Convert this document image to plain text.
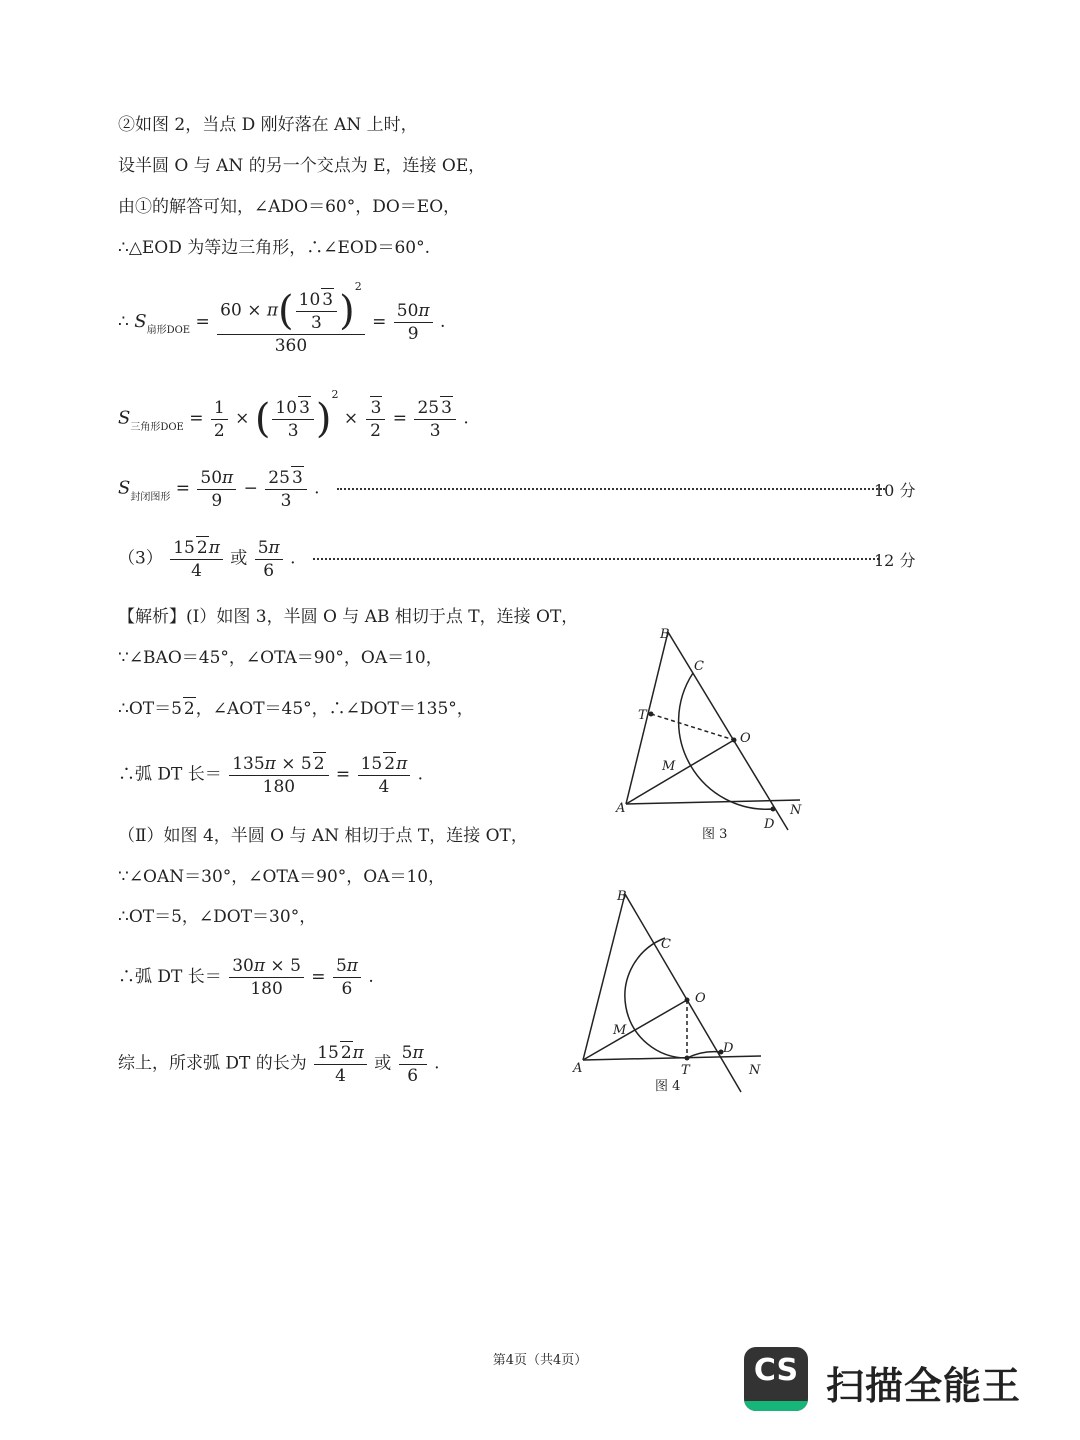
②如图 2，当点 D 刚好落在 AN 上时，
设半圆 O 与 AN 的另一个交点为 E，连接 OE，
由①的解答可知，∠ADO＝60°，DO＝EO，
∴△EOD 为等边三角形，∴∠EOD＝60°.
∴ $S_{扇形DOE} = \frac{60 \times \pi( \frac{10 3}{3} )^2}{360} = \frac{50\pi}{9}$ .
$S_{三角形DOE} = \frac{1}{2}$ × ( $\frac{10 3}{3} )^2 \times \frac{3}{2} = \frac{25 3}{3}$ .
$S_{封闭图形} = \frac{50\pi}{9} - \frac{25 3}{3}$ .	10 分
$(3) \frac{15 2\pi}{4}$ 或 $\frac{5\pi}{6}$ .	12 分
【解析】(Ⅰ）如图 3，半圆 O 与 AB 相切于点 T，连接 OT，
∵∠BAO＝45°，∠OTA＝90°，OA＝10，
∴OT＝5 2，∠AOT＝45°，∴∠DOT＝135°，
∴弧 DT 长＝ $\frac{135\pi \times 5 2}{180} = \frac{15 2\pi}{4}$ .
（Ⅱ）如图 4，半圆 O 与 AN 相切于点 T，连接 OT，
∵∠OAN＝30°，∠OTA＝90°，OA＝10，
∴OT＝5，∠DOT＝30°，
∴弧 DT 长＝ $\frac{30\pi \times 5}{180} = \frac{5\pi}{6}$ .
综上，所求弧 DT 的长为 $\frac{15 2\pi}{4}$ 或 $\frac{5\pi}{6}$ .
B
C
T
O
M
A	N
D
图 3
B
C
O
M
A	T
D
N
图 4
第4页（共4页）	CS 扫描全能王
